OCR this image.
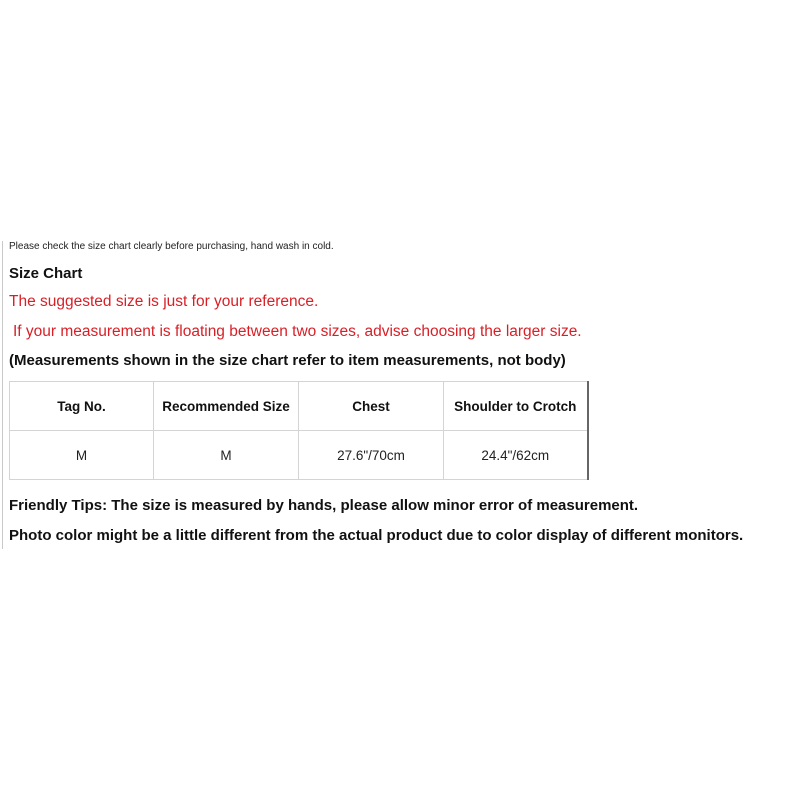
Please check the size chart clearly before purchasing, hand wash in cold.
Size Chart
The suggested size is just for your reference.
If your measurement is floating between two sizes, advise choosing the larger size.
(Measurements shown in the size chart refer to item measurements, not body)
Tag No.	Recommended Size	Chest	Shoulder to Crotch
M	M	27.6"/70cm	24.4"/62cm
Friendly Tips: The size is measured by hands, please allow minor error of measurement.
Photo color might be a little different from the actual product due to color display of different monitors.
